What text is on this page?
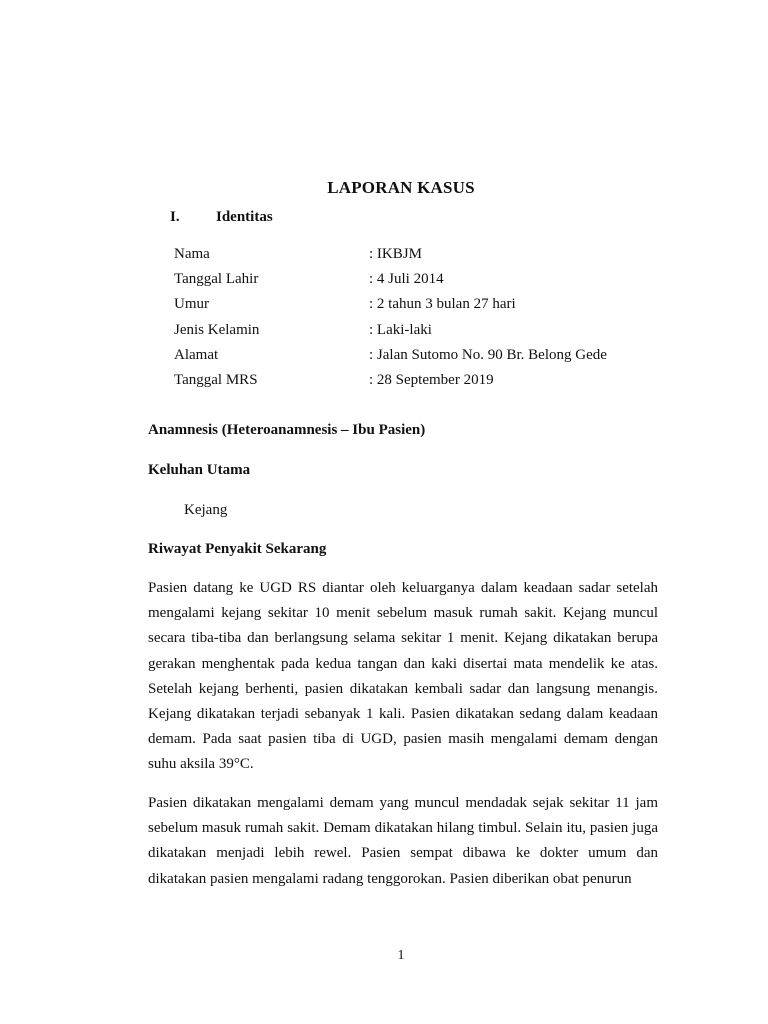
LAPORAN KASUS
I. Identitas
Nama	: IKBJM
Tanggal Lahir	: 4 Juli 2014
Umur	: 2 tahun 3 bulan 27 hari
Jenis Kelamin	: Laki-laki
Alamat	: Jalan Sutomo No. 90 Br. Belong Gede
Tanggal MRS	: 28 September 2019
Anamnesis (Heteroanamnesis – Ibu Pasien)
Keluhan Utama
Kejang
Riwayat Penyakit Sekarang
Pasien datang ke UGD RS diantar oleh keluarganya dalam keadaan sadar setelah mengalami kejang sekitar 10 menit sebelum masuk rumah sakit. Kejang muncul secara tiba-tiba dan berlangsung selama sekitar 1 menit. Kejang dikatakan berupa gerakan menghentak pada kedua tangan dan kaki disertai mata mendelik ke atas. Setelah kejang berhenti, pasien dikatakan kembali sadar dan langsung menangis. Kejang dikatakan terjadi sebanyak 1 kali. Pasien dikatakan sedang dalam keadaan demam. Pada saat pasien tiba di UGD, pasien masih mengalami demam dengan suhu aksila 39°C.
Pasien dikatakan mengalami demam yang muncul mendadak sejak sekitar 11 jam sebelum masuk rumah sakit. Demam dikatakan hilang timbul. Selain itu, pasien juga dikatakan menjadi lebih rewel. Pasien sempat dibawa ke dokter umum dan dikatakan pasien mengalami radang tenggorokan. Pasien diberikan obat penurun
1
